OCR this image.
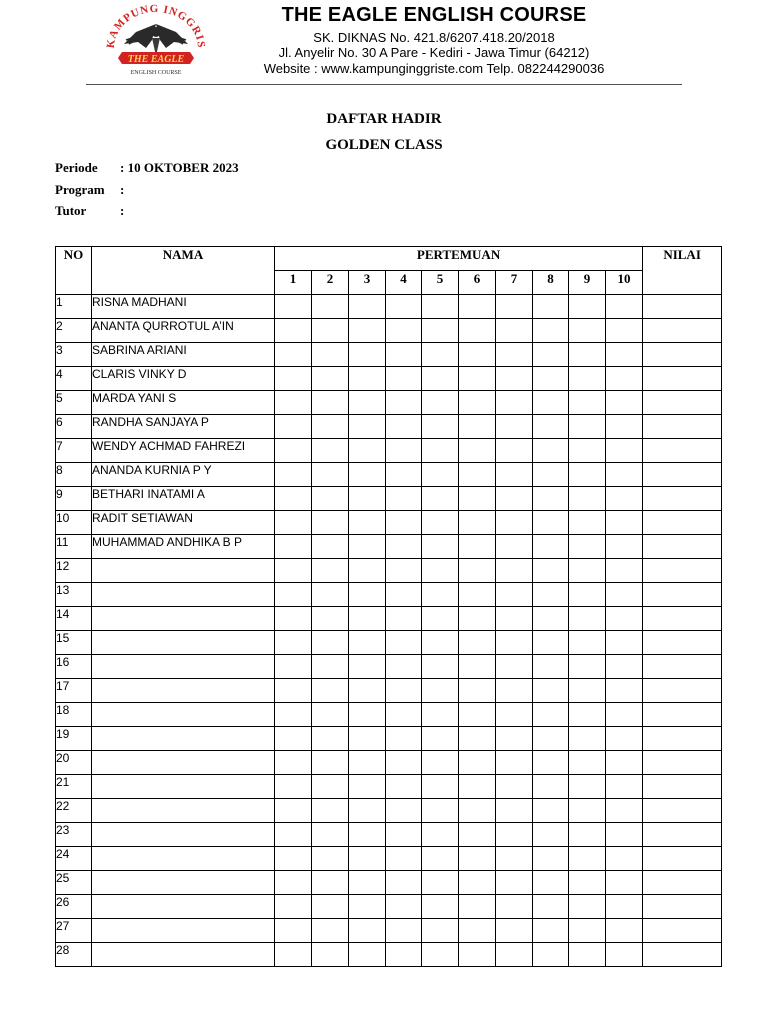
KAMPUNG INGGRIS
THE EAGLE
ENGLISH COURSE
THE EAGLE ENGLISH COURSE
SK. DIKNAS No. 421.8/6207.418.20/2018
Jl. Anyelir No. 30 A Pare - Kediri - Jawa Timur (64212)
Website : www.kampunginggriste.com Telp. 082244290036
DAFTAR HADIR
GOLDEN CLASS
Periode : 10 OKTOBER 2023
Program :
Tutor	:
NO	NAMA	PERTEMUAN										NILAI
		1	2	3	4	5	6	7	8	9	10	
1	RISNA MADHANI											
2	ANANTA QURROTUL A’IN											
3	SABRINA ARIANI											
4	CLARIS VINKY D											
5	MARDA YANI S											
6	RANDHA SANJAYA P											
7	WENDY ACHMAD FAHREZI											
8	ANANDA KURNIA P Y											
9	BETHARI INATAMI A											
10	RADIT SETIAWAN											
11	MUHAMMAD ANDHIKA B P											
12												
13												
14												
15												
16												
17												
18												
19												
20												
21												
22												
23												
24												
25												
26												
27												
28												
